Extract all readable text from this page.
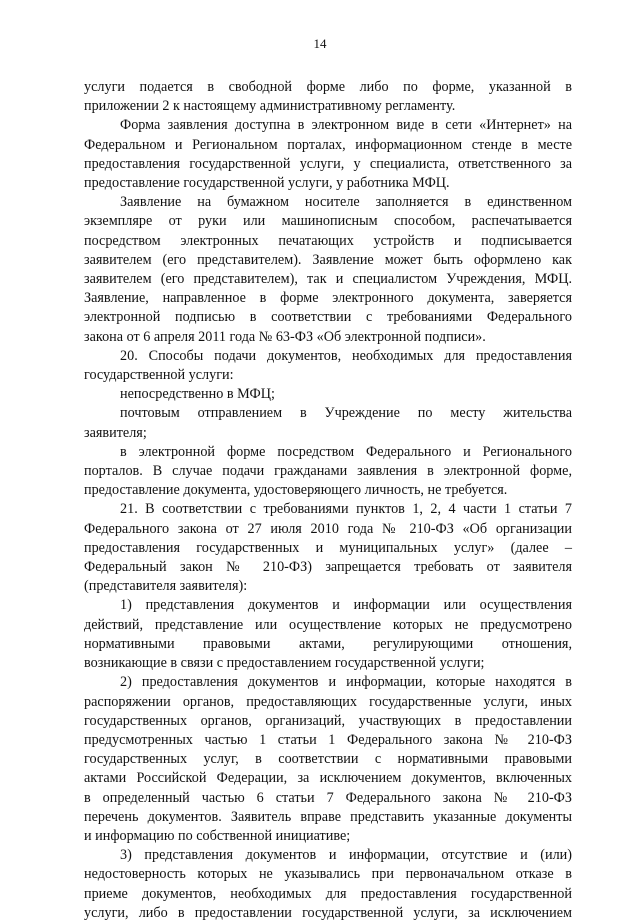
14
услуги подается в свободной форме либо по форме, указанной в
приложении 2 к настоящему административному регламенту.
Форма заявления доступна в электронном виде в сети «Интернет» на
Федеральном и Региональном порталах, информационном стенде в месте
предоставления государственной услуги, у специалиста, ответственного за
предоставление государственной услуги, у работника МФЦ.
Заявление на бумажном носителе заполняется в единственном
экземпляре от руки или машинописным способом, распечатывается
посредством электронных печатающих устройств и подписывается
заявителем (его представителем). Заявление может быть оформлено как
заявителем (его представителем), так и специалистом Учреждения, МФЦ.
Заявление, направленное в форме электронного документа, заверяется
электронной подписью в соответствии с требованиями Федерального
закона от 6 апреля 2011 года № 63-ФЗ «Об электронной подписи».
20. Способы подачи документов, необходимых для предоставления
государственной услуги:
непосредственно в МФЦ;
почтовым отправлением в Учреждение по месту жительства
заявителя;
в электронной форме посредством Федерального и Регионального
порталов. В случае подачи гражданами заявления в электронной форме,
предоставление документа, удостоверяющего личность, не требуется.
21. В соответствии с требованиями пунктов 1, 2, 4 части 1 статьи 7
Федерального закона от 27 июля 2010 года № 210-ФЗ «Об организации
предоставления государственных и муниципальных услуг» (далее –
Федеральный закон № 210-ФЗ) запрещается требовать от заявителя
(представителя заявителя):
1) представления документов и информации или осуществления
действий, представление или осуществление которых не предусмотрено
нормативными правовыми актами, регулирующими отношения,
возникающие в связи с предоставлением государственной услуги;
2) предоставления документов и информации, которые находятся в
распоряжении органов, предоставляющих государственные услуги, иных
государственных органов, организаций, участвующих в предоставлении
предусмотренных частью 1 статьи 1 Федерального закона № 210-ФЗ
государственных услуг, в соответствии с нормативными правовыми
актами Российской Федерации, за исключением документов, включенных
в определенный частью 6 статьи 7 Федерального закона № 210-ФЗ
перечень документов. Заявитель вправе представить указанные документы
и информацию по собственной инициативе;
3) представления документов и информации, отсутствие и (или)
недостоверность которых не указывались при первоначальном отказе в
приеме документов, необходимых для предоставления государственной
услуги, либо в предоставлении государственной услуги, за исключением
